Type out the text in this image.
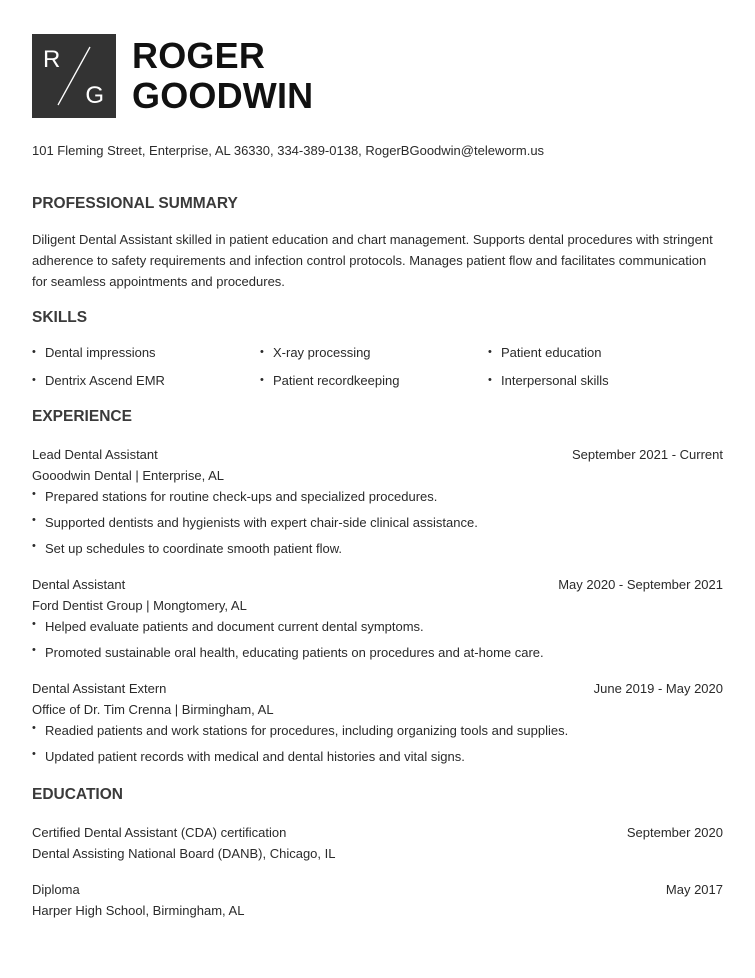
R
G
ROGER
GOODWIN
101 Fleming Street, Enterprise, AL 36330, 334-389-0138, RogerBGoodwin@teleworm.us
PROFESSIONAL SUMMARY

Diligent Dental Assistant skilled in patient education and chart management. Supports dental procedures with stringent adherence to safety requirements and infection control protocols. Manages patient flow and facilitates communication for seamless appointments and procedures.

SKILLS
• Dental impressions	• X-ray processing	• Patient education
• Dentrix Ascend EMR	• Patient recordkeeping	• Interpersonal skills
EXPERIENCE
Lead Dental Assistant	September 2021 - Current
Gooodwin Dental | Enterprise, AL
• Prepared stations for routine check-ups and specialized procedures.
• Supported dentists and hygienists with expert chair-side clinical assistance.
• Set up schedules to coordinate smooth patient flow.
Dental Assistant	May 2020 - September 2021
Ford Dentist Group | Mongtomery, AL
• Helped evaluate patients and document current dental symptoms.
• Promoted sustainable oral health, educating patients on procedures and at-home care.
Dental Assistant Extern	June 2019 - May 2020
Office of Dr. Tim Crenna | Birmingham, AL
• Readied patients and work stations for procedures, including organizing tools and supplies.
• Updated patient records with medical and dental histories and vital signs.
EDUCATION
Certified Dental Assistant (CDA) certification	September 2020
Dental Assisting National Board (DANB), Chicago, IL
Diploma	May 2017
Harper High School, Birmingham, AL
